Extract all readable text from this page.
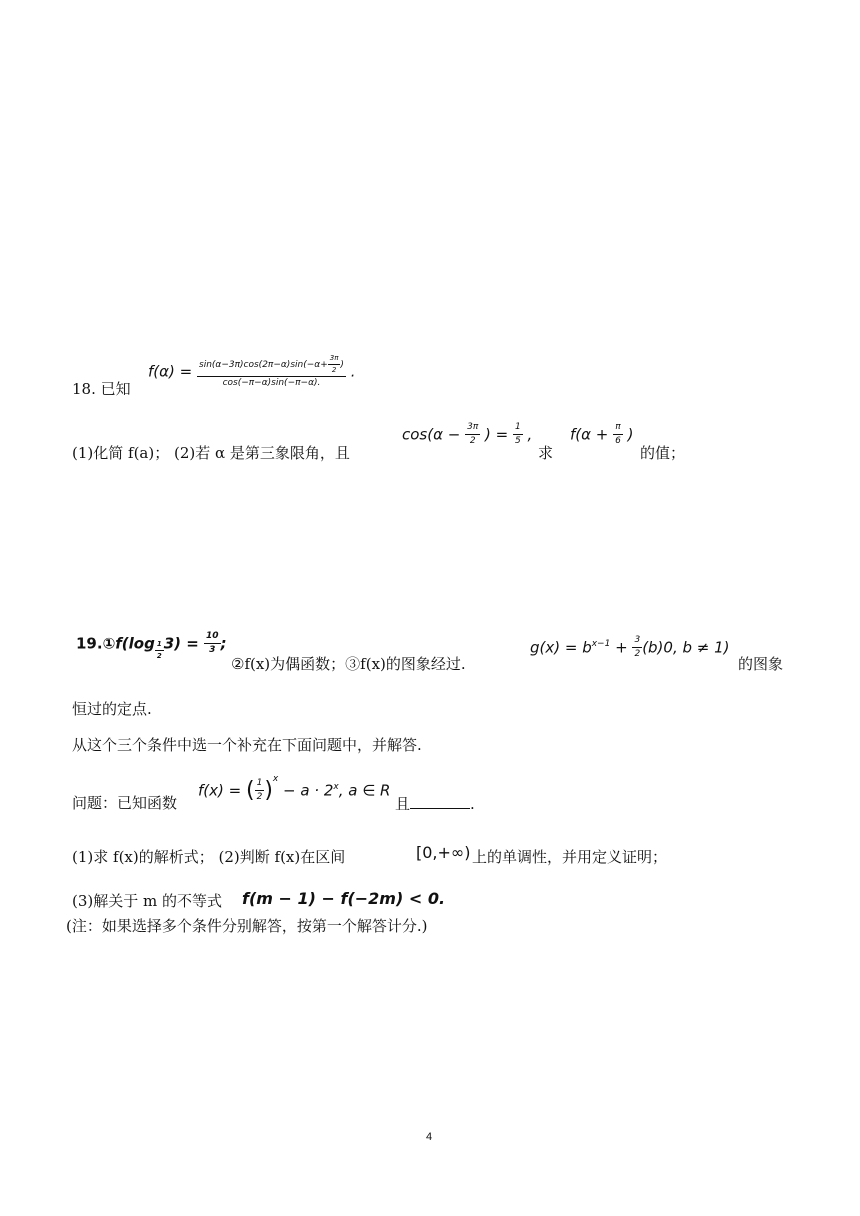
18. 已知
$f(\alpha) = \frac{\sin(\alpha-3\pi)\cos(2\pi-\alpha)\sin(-\alpha+ \frac{3\pi}{2} )}{\cos(-\pi-\alpha)\sin(-\pi-\alpha).}$ .
(1)化简 f(a)； (2)若 α 是第三象限角，且
$\cos(\alpha - \frac{3\pi}{2}$ ) = $\frac{1}{5}$ ,
求
$f(\alpha + \frac{\pi}{6}$ )
的值；
19.①f(log $\frac{1}{2} 3) = \frac{10}{3}$ ;
②f(x)为偶函数；③f(x)的图象经过.
$g(x) = b^{x-1} + \frac{3}{2} (b)0$, b ≠ 1)
的图象
恒过的定点.
从这个三个条件中选一个补充在下面问题中，并解答.
问题：已知函数
f(x) = ( $\frac{1}{2} )^x - a \cdot 2^x$, a ∈ R
且	.
(1)求 f(x)的解析式； (2)判断 f(x)在区间	[0,+∞) 上的单调性，并用定义证明；
(3)解关于 m 的不等式 f(m − 1) − f(−2m) < 0.
(注：如果选择多个条件分别解答，按第一个解答计分.)
4
